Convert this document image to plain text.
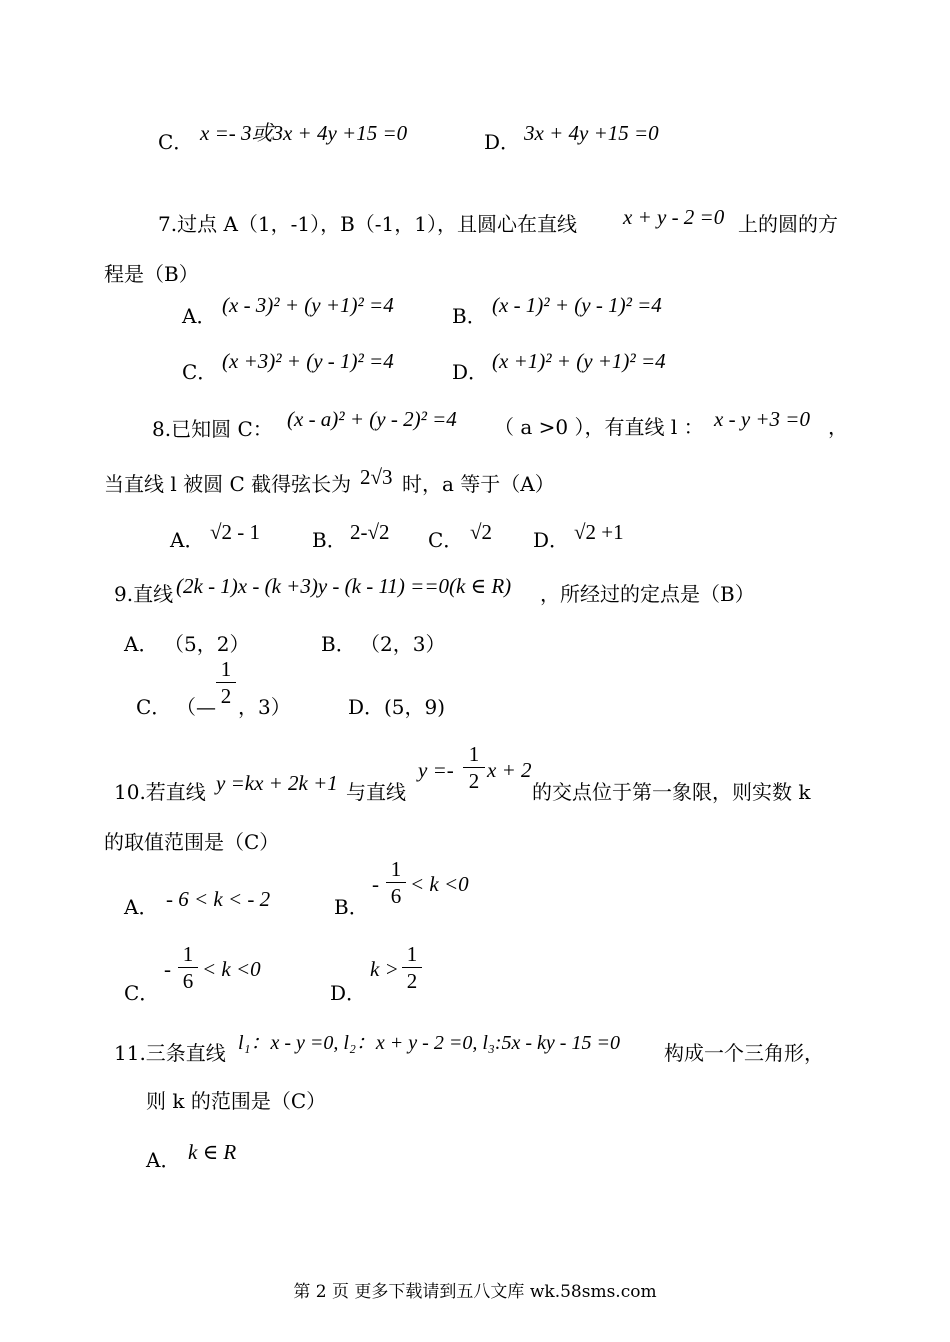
C． x =- 3或3x + 4y +15 =0	D． 3x + 4y +15 =0
7.过点 A（1，-1），B（-1，1），且圆心在直线 x + y - 2 =0 上的圆的方
程是（B）
A． (x - 3)² + (y +1)² =4	B． (x - 1)² + (y - 1)² =4
C． (x +3)² + (y - 1)² =4	D． (x +1)² + (y +1)² =4
8.已知圆 C： (x - a)² + (y - 2)² =4 （ a >0 ），有直线 l ： x - y +3 =0 ，
当直线 l 被圆 C 截得弦长为 2√3 时，a 等于（A）
A． √2 - 1	B． 2-√2 C． √2 D． √2 +1
9.直线 (2k - 1)x - (k +3)y - (k - 11) ==0(k ∈ R) ，所经过的定点是（B）
A． （5，2）	B． （2，3）
C． （—
1
2 ，3）	D． (5，9)
10.若直线 y =kx + 2k +1 与直线
y =-
1
2 x + 2
的交点位于第一象限，则实数 k
的取值范围是（C）
A． - 6 < k < - 2	B．
-
1
6
< k <0
C．
-
1
6
< k <0
D．
k >
1
2
11.三条直线 l₁：x - y =0, l₂：x + y - 2 =0, l₃:5x - ky - 15 =0 构成一个三角形，
则 k 的范围是（C）
A． k ∈ R
第 2 页 更多下载请到五八文库 wk.58sms.com
